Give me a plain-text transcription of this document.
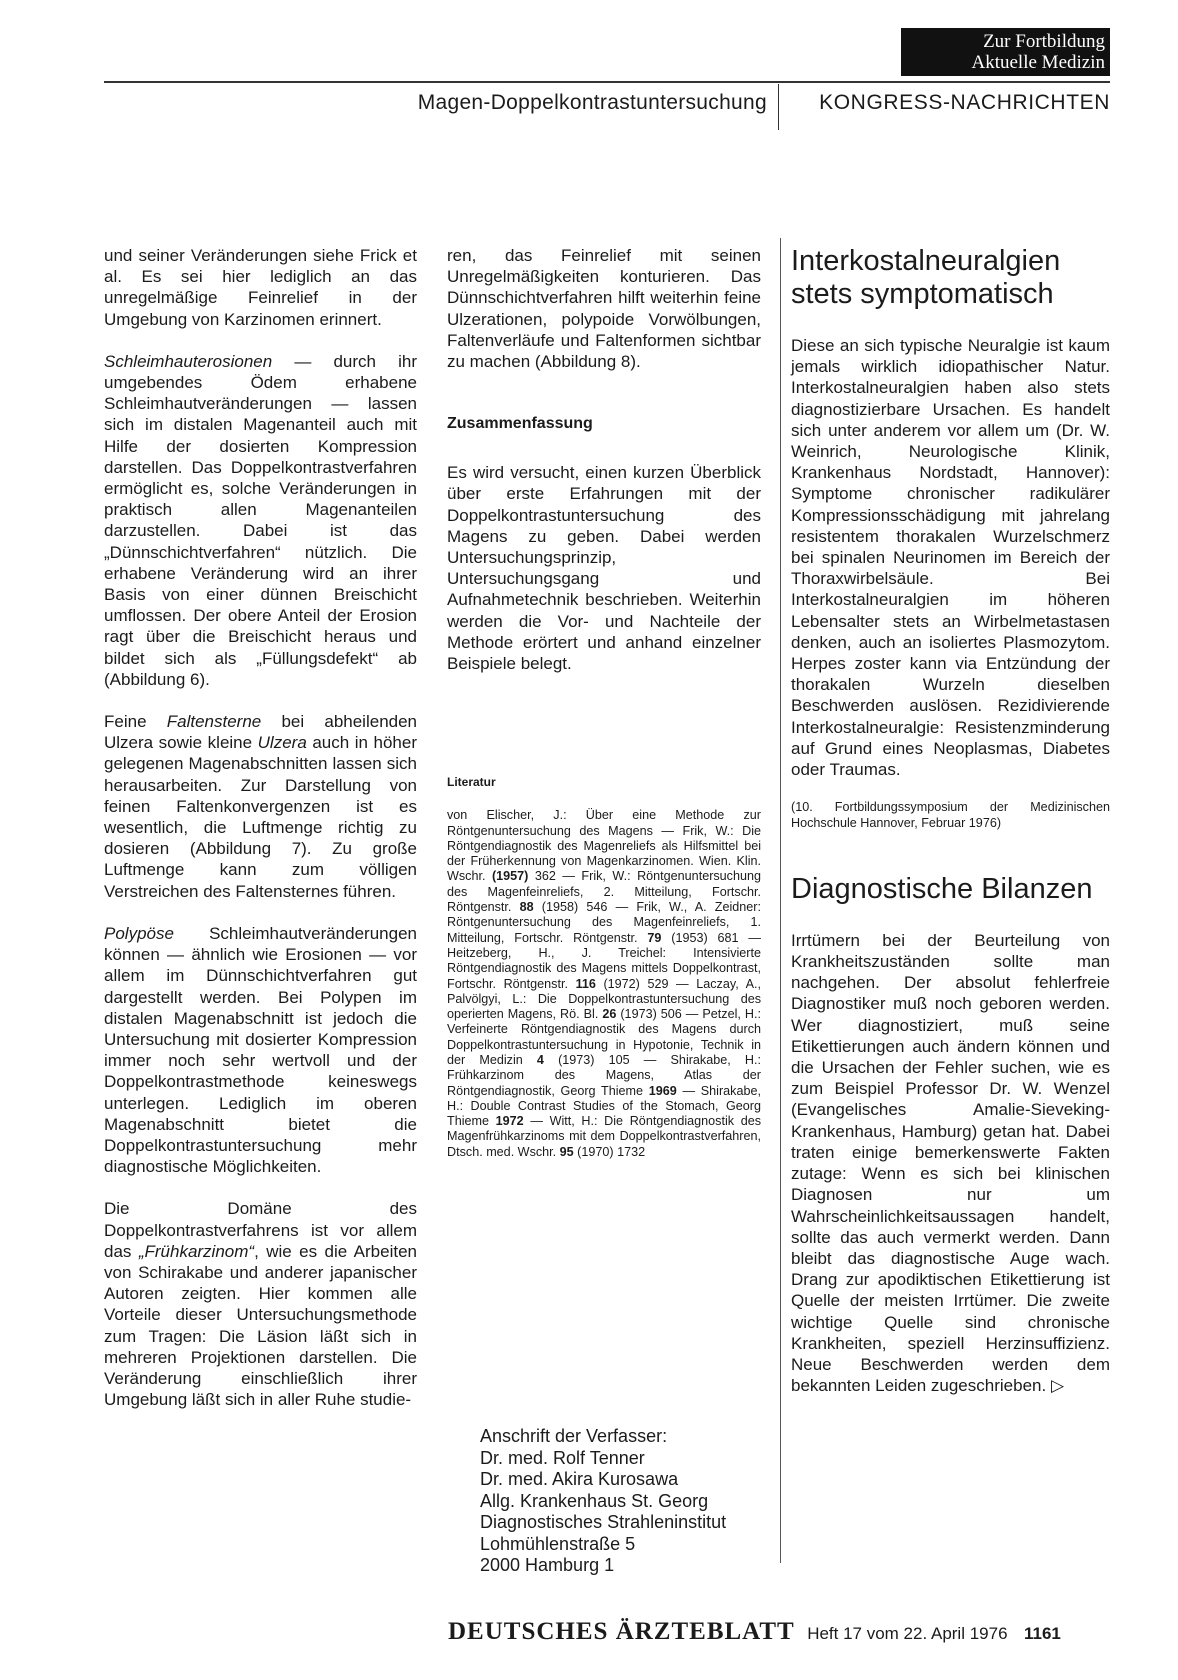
Zur Fortbildung
Aktuelle Medizin
Magen-Doppelkontrastuntersuchung	KONGRESS-NACHRICHTEN

und seiner Veränderungen siehe Frick et al. Es sei hier lediglich an das unregelmäßige Feinrelief in der Umgebung von Karzinomen erinnert.

Schleimhauterosionen — durch ihr umgebendes Ödem erhabene Schleimhautveränderungen — lassen sich im distalen Magenanteil auch mit Hilfe der dosierten Kompression darstellen. Das Doppelkontrastverfahren ermöglicht es, solche Veränderungen in praktisch allen Magenanteilen darzustellen. Dabei ist das „Dünnschichtverfahren“ nützlich. Die erhabene Veränderung wird an ihrer Basis von einer dünnen Breischicht umflossen. Der obere Anteil der Erosion ragt über die Breischicht heraus und bildet sich als „Füllungsdefekt“ ab (Abbildung 6).

Feine Faltensterne bei abheilenden Ulzera sowie kleine Ulzera auch in höher gelegenen Magenabschnitten lassen sich herausarbeiten. Zur Darstellung von feinen Faltenkonvergenzen ist es wesentlich, die Luftmenge richtig zu dosieren (Abbildung 7). Zu große Luftmenge kann zum völligen Verstreichen des Faltensternes führen.

Polypöse Schleimhautveränderungen können — ähnlich wie Erosionen — vor allem im Dünnschichtverfahren gut dargestellt werden. Bei Polypen im distalen Magenabschnitt ist jedoch die Untersuchung mit dosierter Kompression immer noch sehr wertvoll und der Doppelkontrastmethode keineswegs unterlegen. Lediglich im oberen Magenabschnitt bietet die Doppelkontrastuntersuchung mehr diagnostische Möglichkeiten.

Die Domäne des Doppelkontrastverfahrens ist vor allem das „Frühkarzinom“, wie es die Arbeiten von Schirakabe und anderer japanischer Autoren zeigten. Hier kommen alle Vorteile dieser Untersuchungsmethode zum Tragen: Die Läsion läßt sich in mehreren Projektionen darstellen. Die Veränderung einschließlich ihrer Umgebung läßt sich in aller Ruhe studie-

ren, das Feinrelief mit seinen Unregelmäßigkeiten konturieren. Das Dünnschichtverfahren hilft weiterhin feine Ulzerationen, polypoide Vorwölbungen, Faltenverläufe und Faltenformen sichtbar zu machen (Abbildung 8).

Zusammenfassung

Es wird versucht, einen kurzen Überblick über erste Erfahrungen mit der Doppelkontrastuntersuchung des Magens zu geben. Dabei werden Untersuchungsprinzip, Untersuchungsgang und Aufnahmetechnik beschrieben. Weiterhin werden die Vor- und Nachteile der Methode erörtert und anhand einzelner Beispiele belegt.

Literatur
von Elischer, J.: Über eine Methode zur Röntgenuntersuchung des Magens — Frik, W.: Die Röntgendiagnostik des Magenreliefs als Hilfsmittel bei der Früherkennung von Magenkarzinomen. Wien. Klin. Wschr. (1957) 362 — Frik, W.: Röntgenuntersuchung des Magenfeinreliefs, 2. Mitteilung, Fortschr. Röntgenstr. 88 (1958) 546 — Frik, W., A. Zeidner: Röntgenuntersuchung des Magenfeinreliefs, 1. Mitteilung, Fortschr. Röntgenstr. 79 (1953) 681 — Heitzeberg, H., J. Treichel: Intensivierte Röntgendiagnostik des Magens mittels Doppelkontrast, Fortschr. Röntgenstr. 116 (1972) 529 — Laczay, A., Palvölgyi, L.: Die Doppelkontrastuntersuchung des operierten Magens, Rö. Bl. 26 (1973) 506 — Petzel, H.: Verfeinerte Röntgendiagnostik des Magens durch Doppelkontrastuntersuchung in Hypotonie, Technik in der Medizin 4 (1973) 105 — Shirakabe, H.: Frühkarzinom des Magens, Atlas der Röntgendiagnostik, Georg Thieme 1969 — Shirakabe, H.: Double Contrast Studies of the Stomach, Georg Thieme 1972 — Witt, H.: Die Röntgendiagnostik des Magenfrühkarzinoms mit dem Doppelkontrastverfahren, Dtsch. med. Wschr. 95 (1970) 1732
Anschrift der Verfasser:
Dr. med. Rolf Tenner
Dr. med. Akira Kurosawa
Allg. Krankenhaus St. Georg
Diagnostisches Strahleninstitut
Lohmühlenstraße 5
2000 Hamburg 1
Interkostalneuralgien stets symptomatisch

Diese an sich typische Neuralgie ist kaum jemals wirklich idiopathischer Natur. Interkostalneuralgien haben also stets diagnostizierbare Ursachen. Es handelt sich unter anderem vor allem um (Dr. W. Weinrich, Neurologische Klinik, Krankenhaus Nordstadt, Hannover): Symptome chronischer radikulärer Kompressionsschädigung mit jahrelang resistentem thorakalen Wurzelschmerz bei spinalen Neurinomen im Bereich der Thoraxwirbelsäule. Bei Interkostalneuralgien im höheren Lebensalter stets an Wirbelmetastasen denken, auch an isoliertes Plasmozytom. Herpes zoster kann via Entzündung der thorakalen Wurzeln dieselben Beschwerden auslösen. Rezidivierende Interkostalneuralgie: Resistenzminderung auf Grund eines Neoplasmas, Diabetes oder Traumas.

(10. Fortbildungssymposium der Medizinischen Hochschule Hannover, Februar 1976)

Diagnostische Bilanzen

Irrtümern bei der Beurteilung von Krankheitszuständen sollte man nachgehen. Der absolut fehlerfreie Diagnostiker muß noch geboren werden. Wer diagnostiziert, muß seine Etikettierungen auch ändern können und die Ursachen der Fehler suchen, wie es zum Beispiel Professor Dr. W. Wenzel (Evangelisches Amalie-Sieveking-Krankenhaus, Hamburg) getan hat. Dabei traten einige bemerkenswerte Fakten zutage: Wenn es sich bei klinischen Diagnosen nur um Wahrscheinlichkeitsaussagen handelt, sollte das auch vermerkt werden. Dann bleibt das diagnostische Auge wach. Drang zur apodiktischen Etikettierung ist Quelle der meisten Irrtümer. Die zweite wichtige Quelle sind chronische Krankheiten, speziell Herzinsuffizienz. Neue Beschwerden werden dem bekannten Leiden zugeschrieben. ▷

DEUTSCHES ÄRZTEBLATT Heft 17 vom 22. April 1976 1161
